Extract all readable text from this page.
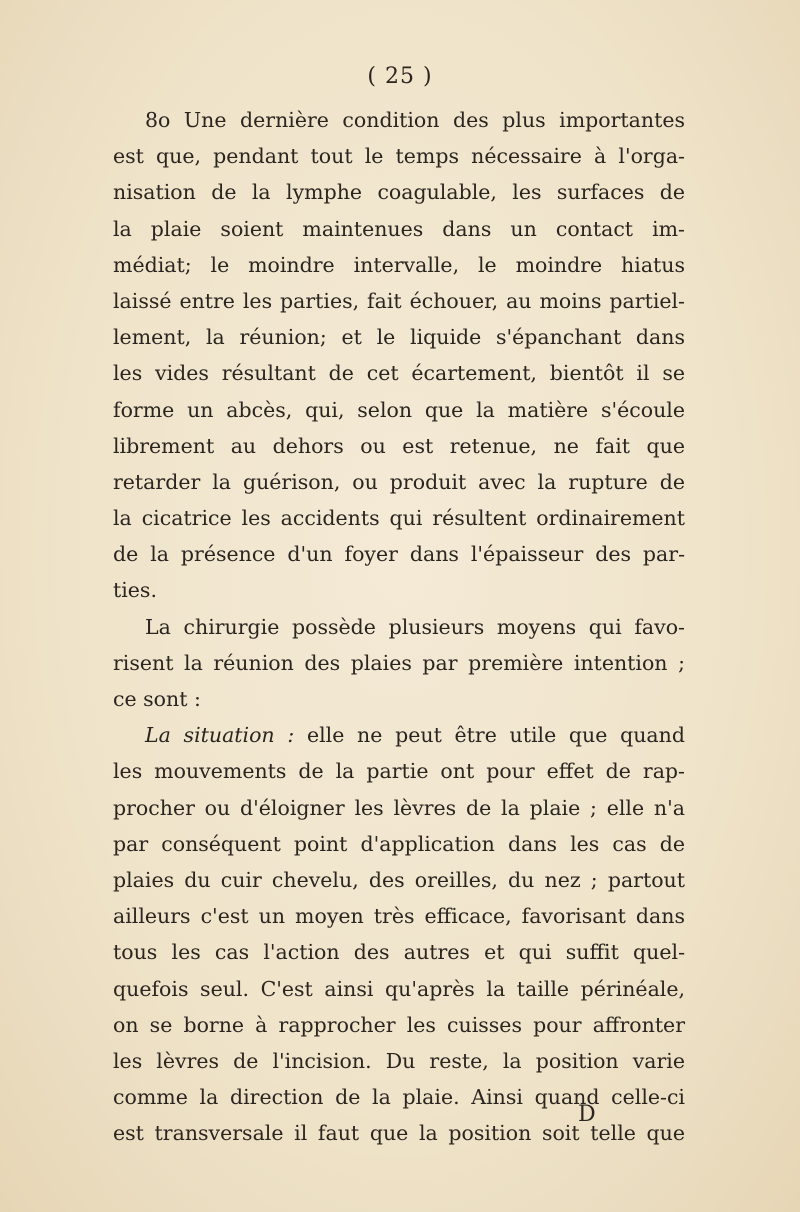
( 25 )
8o Une dernière condition des plus importantes
est que, pendant tout le temps nécessaire à l'orga-
nisation de la lymphe coagulable, les surfaces de
la plaie soient maintenues dans un contact im-
médiat; le moindre intervalle, le moindre hiatus
laissé entre les parties, fait échouer, au moins partiel-
lement, la réunion; et le liquide s'épanchant dans
les vides résultant de cet écartement, bientôt il se
forme un abcès, qui, selon que la matière s'écoule
librement au dehors ou est retenue, ne fait que
retarder la guérison, ou produit avec la rupture de
la cicatrice les accidents qui résultent ordinairement
de la présence d'un foyer dans l'épaisseur des par-
ties.
La chirurgie possède plusieurs moyens qui favo-
risent la réunion des plaies par première intention ;
ce sont :
La situation : elle ne peut être utile que quand
les mouvements de la partie ont pour effet de rap-
procher ou d'éloigner les lèvres de la plaie ; elle n'a
par conséquent point d'application dans les cas de
plaies du cuir chevelu, des oreilles, du nez ; partout
ailleurs c'est un moyen très efficace, favorisant dans
tous les cas l'action des autres et qui suffit quel-
quefois seul. C'est ainsi qu'après la taille périnéale,
on se borne à rapprocher les cuisses pour affronter
les lèvres de l'incision. Du reste, la position varie
comme la direction de la plaie. Ainsi quand celle-ci
est transversale il faut que la position soit telle que
D
